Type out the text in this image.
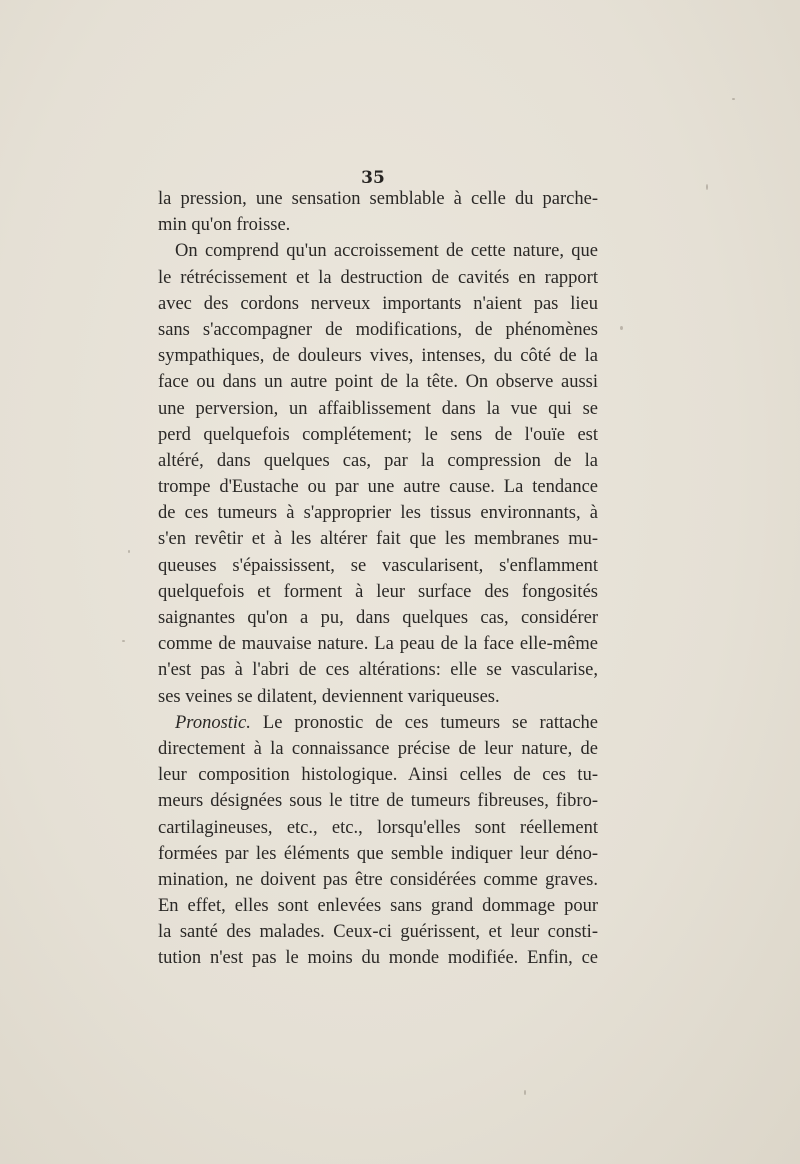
35
la pression, une sensation semblable à celle du parche-
min qu'on froisse.
On comprend qu'un accroissement de cette nature, que
le rétrécissement et la destruction de cavités en rapport
avec des cordons nerveux importants n'aient pas lieu
sans s'accompagner de modifications, de phénomènes
sympathiques, de douleurs vives, intenses, du côté de la
face ou dans un autre point de la tête. On observe aussi
une perversion, un affaiblissement dans la vue qui se
perd quelquefois complétement; le sens de l'ouïe est
altéré, dans quelques cas, par la compression de la
trompe d'Eustache ou par une autre cause. La tendance
de ces tumeurs à s'approprier les tissus environnants, à
s'en revêtir et à les altérer fait que les membranes mu-
queuses s'épaississent, se vascularisent, s'enflamment
quelquefois et forment à leur surface des fongosités
saignantes qu'on a pu, dans quelques cas, considérer
comme de mauvaise nature. La peau de la face elle-même
n'est pas à l'abri de ces altérations: elle se vascularise,
ses veines se dilatent, deviennent variqueuses.
Pronostic. Le pronostic de ces tumeurs se rattache
directement à la connaissance précise de leur nature, de
leur composition histologique. Ainsi celles de ces tu-
meurs désignées sous le titre de tumeurs fibreuses, fibro-
cartilagineuses, etc., etc., lorsqu'elles sont réellement
formées par les éléments que semble indiquer leur déno-
mination, ne doivent pas être considérées comme graves.
En effet, elles sont enlevées sans grand dommage pour
la santé des malades. Ceux-ci guérissent, et leur consti-
tution n'est pas le moins du monde modifiée. Enfin, ce
